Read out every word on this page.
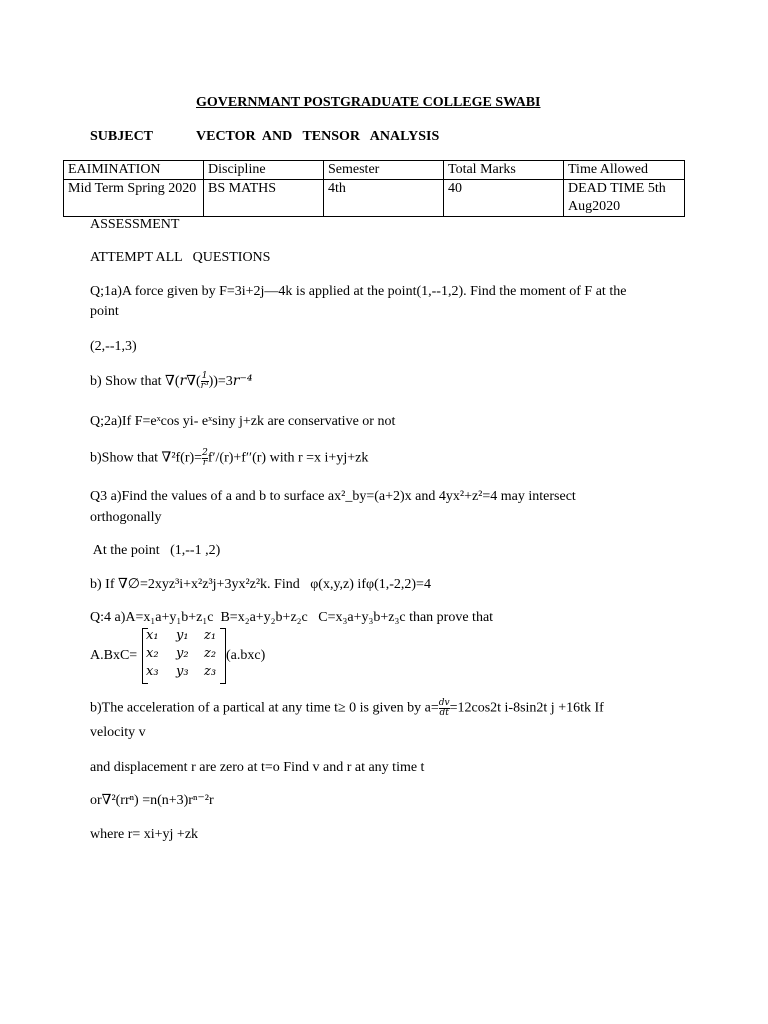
GOVERNMANT POSTGRADUATE COLLEGE SWABI
SUBJECT	VECTOR  AND   TENSOR   ANALYSIS
EAIMINATION	Discipline	Semester	Total Marks	Time Allowed
Mid Term Spring 2020	BS MATHS	4th	40	DEAD TIME 5th Aug2020
ASSESSMENT
ATTEMPT ALL   QUESTIONS
Q;1a)A force given by F=3i+2j—4k is applied at the point(1,--1,2). Find the moment of F at the
point
(2,--1,3)
b) Show that $\nabla(r\nabla( \frac{1}{\text{r³}} ))=3r^{-4}$
Q;2a)If F=eˣcos yi- eˣsiny j+zk are conservative or not
b)Show that $\nabla^2f(r)= \frac{2}{r} f'/(r)+f''(r)$ with r =x i+yj+zk
Q3 a)Find the values of a and b to surface ax²_by=(a+2)x and 4yx²+z²=4 may intersect
orthogonally
At the point   (1,--1 ,2)
b) If ∇∅=2xyz³i+x²z³j+3yx²z²k. Find   φ(x,y,z) ifφ(1,-2,2)=4
Q:4 a)A=x₁a+y₁b+z₁c  B=x₂a+y₂b+z₂c   C=x₃a+y₃b+z₃c than prove that
A.BxC=
x₁ y₁ z₁
x₂ y₂ z₂
x₃ y₃ z₃
(a.bxc)
b)The acceleration of a partical at any time t≥ 0 is given by $a= \frac{dv}{dt} =12\cos 2t$ i-8sin2t j +16tk If
velocity v
and displacement r are zero at t=o Find v and r at any time t
or∇²(rrⁿ) =n(n+3)rⁿ⁻²r
where r= xi+yj +zk
